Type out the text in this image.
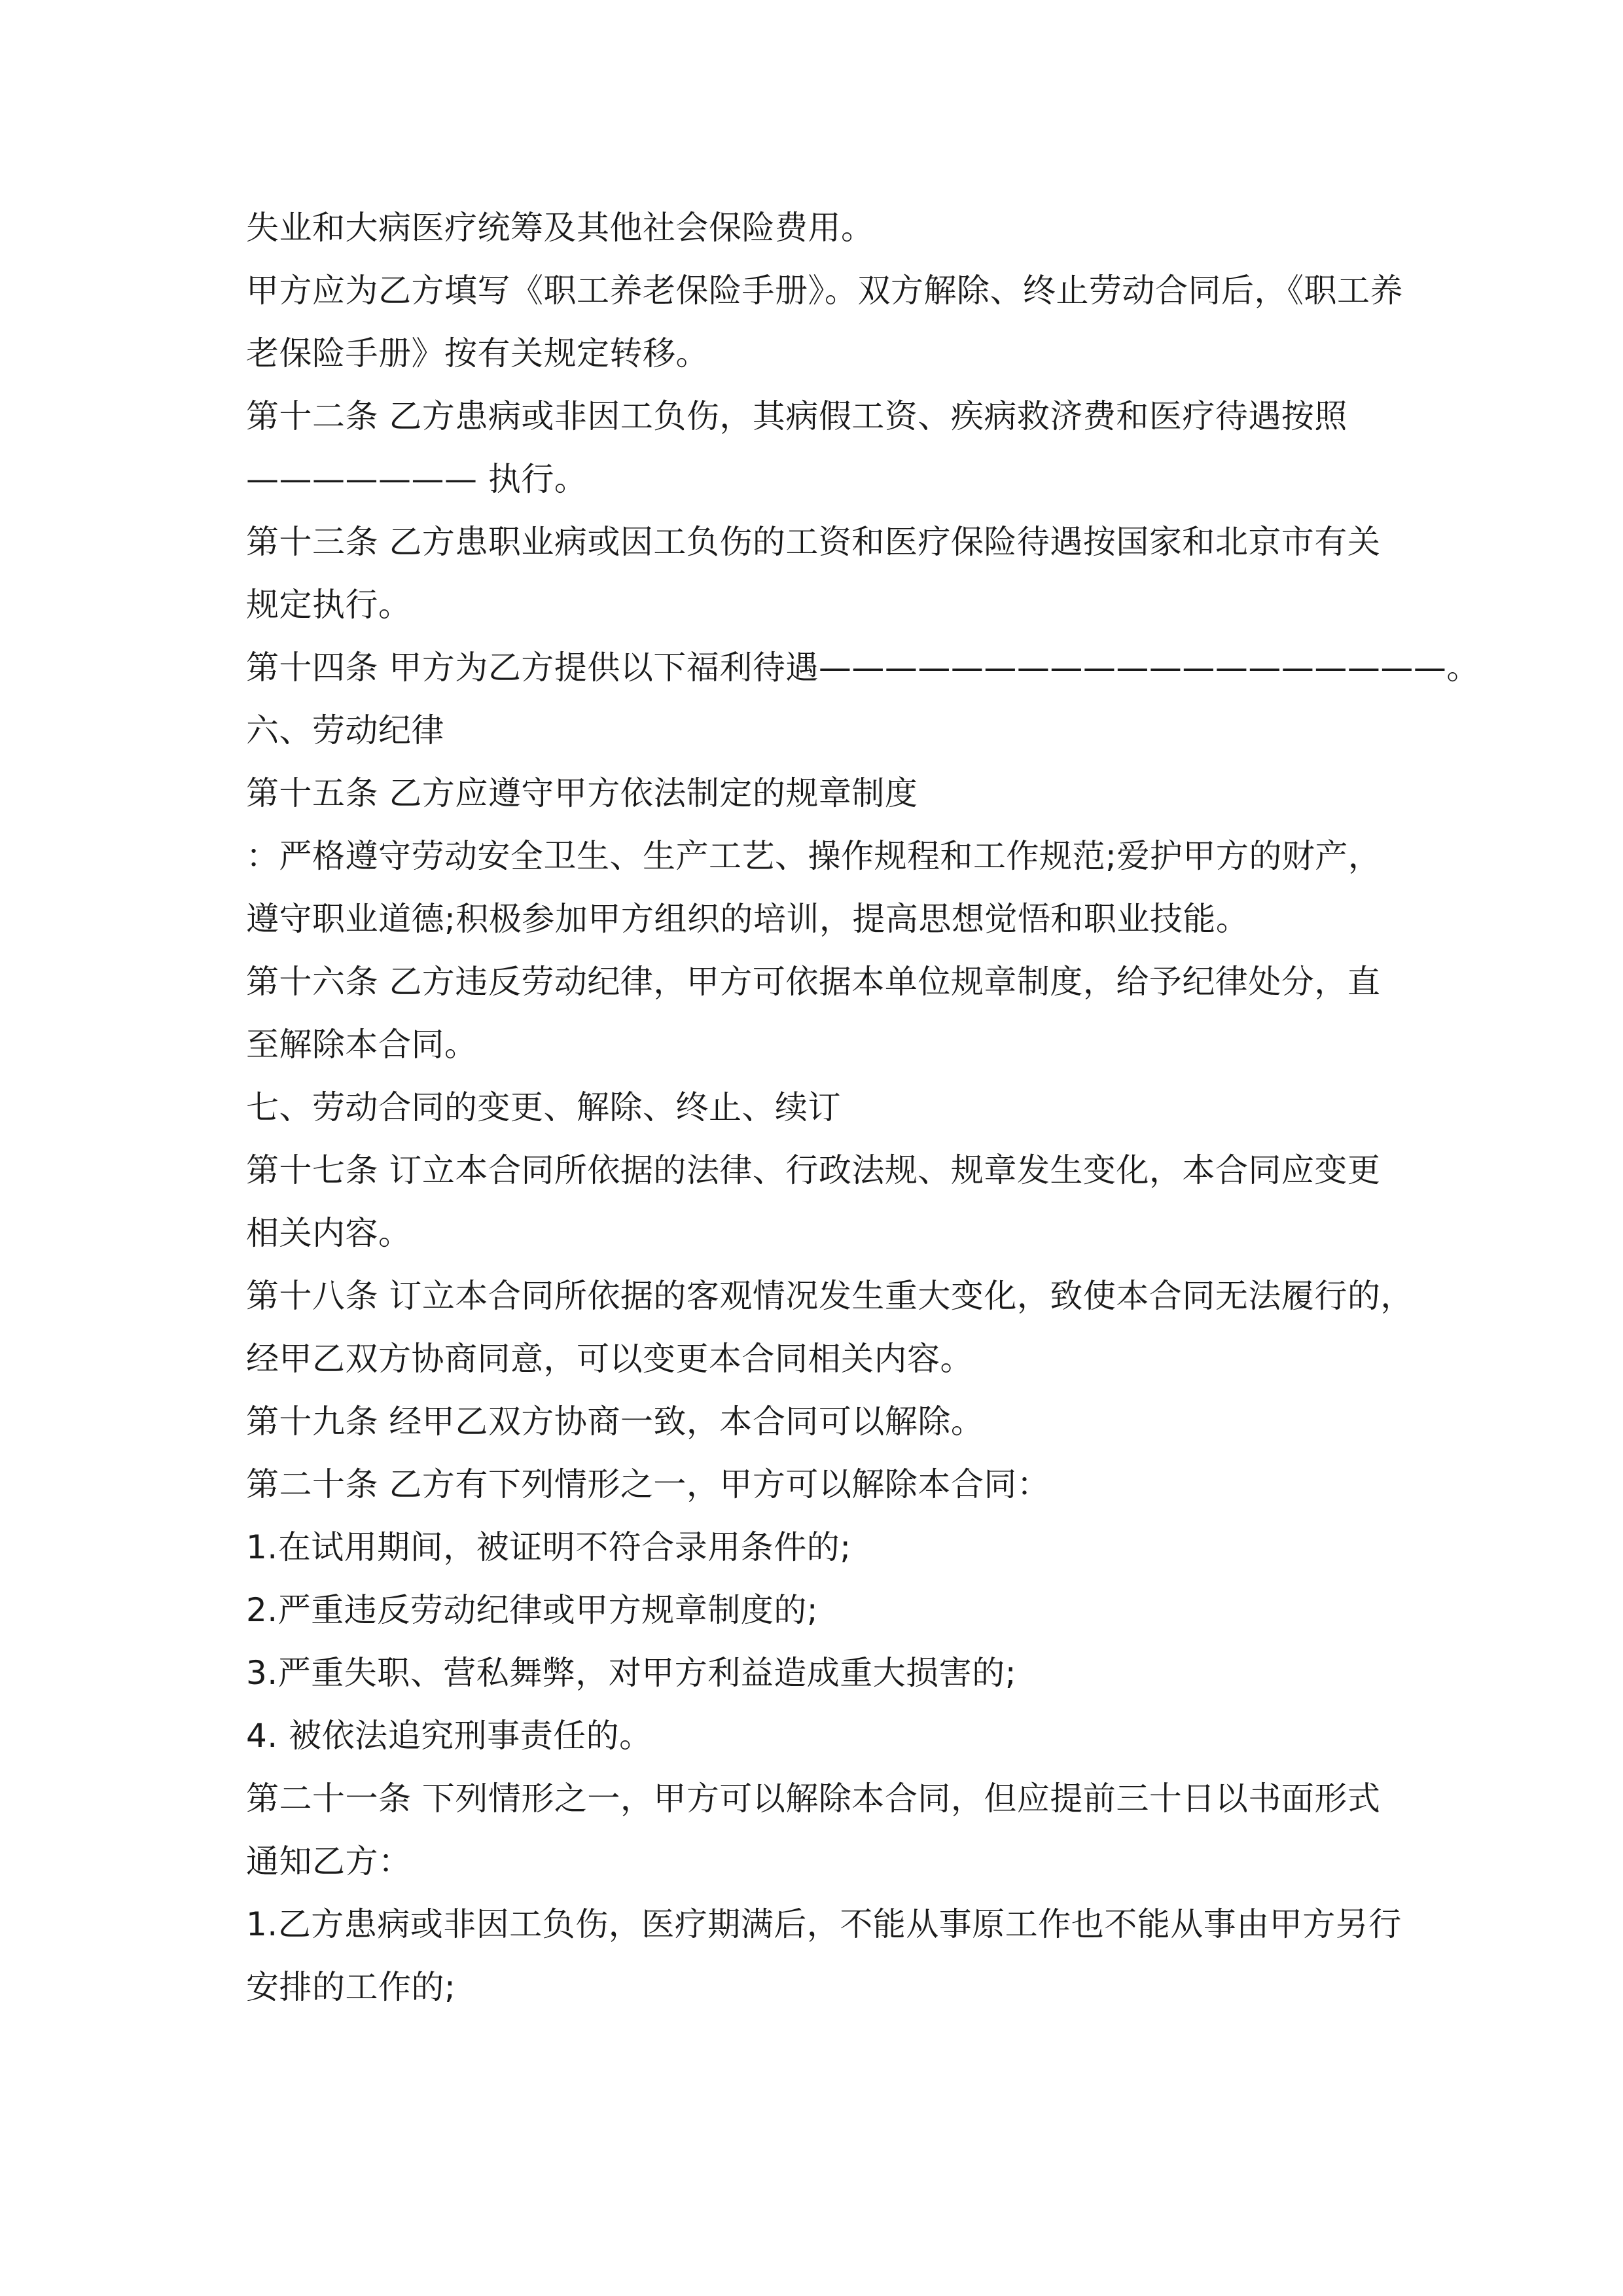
失业和大病医疗统筹及其他社会保险费用。
甲方应为乙方填写《职工养老保险手册》。双方解除、终止劳动合同后，《职工养
老保险手册》按有关规定转移。
第十二条 乙方患病或非因工负伤，其病假工资、疾病救济费和医疗待遇按照
——————— 执行。
第十三条 乙方患职业病或因工负伤的工资和医疗保险待遇按国家和北京市有关
规定执行。
第十四条 甲方为乙方提供以下福利待遇———————————————————。
六、劳动纪律
第十五条 乙方应遵守甲方依法制定的规章制度
：严格遵守劳动安全卫生、生产工艺、操作规程和工作规范;爱护甲方的财产，
遵守职业道德;积极参加甲方组织的培训，提高思想觉悟和职业技能。
第十六条 乙方违反劳动纪律，甲方可依据本单位规章制度，给予纪律处分，直
至解除本合同。
七、劳动合同的变更、解除、终止、续订
第十七条 订立本合同所依据的法律、行政法规、规章发生变化，本合同应变更
相关内容。
第十八条 订立本合同所依据的客观情况发生重大变化，致使本合同无法履行的，
经甲乙双方协商同意，可以变更本合同相关内容。
第十九条 经甲乙双方协商一致，本合同可以解除。
第二十条 乙方有下列情形之一，甲方可以解除本合同：
1.在试用期间，被证明不符合录用条件的;
2.严重违反劳动纪律或甲方规章制度的;
3.严重失职、营私舞弊，对甲方利益造成重大损害的;
4. 被依法追究刑事责任的。
第二十一条 下列情形之一，甲方可以解除本合同，但应提前三十日以书面形式
通知乙方：
1.乙方患病或非因工负伤，医疗期满后，不能从事原工作也不能从事由甲方另行
安排的工作的;
